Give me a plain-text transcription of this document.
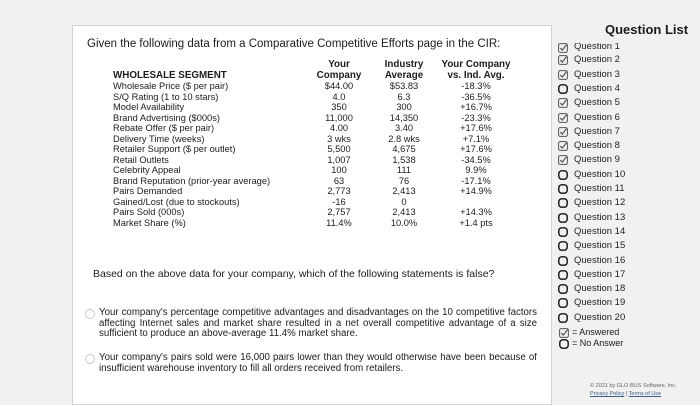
Given the following data from a Comparative Competitive Efforts page in the CIR:
	Your	Industry	Your Company
WHOLESALE SEGMENT	Company	Average	vs. Ind. Avg.
Wholesale Price ($ per pair)	$44.00	$53.83	-18.3%
S/Q Rating (1 to 10 stars)	4.0	6.3	-36.5%
Model Availability	350	300	+16.7%
Brand Advertising ($000s)	11,000	14,350	-23.3%
Rebate Offer ($ per pair)	4.00	3.40	+17.6%
Delivery Time (weeks)	3 wks	2.8 wks	+7.1%
Retailer Support ($ per outlet)	5,500	4,675	+17.6%
Retail Outlets	1,007	1,538	-34.5%
Celebrity Appeal	100	111	9.9%
Brand Reputation (prior-year average)	63	76	-17.1%
Pairs Demanded	2,773	2,413	+14.9%
Gained/Lost (due to stockouts)	-16	0	
Pairs Sold (000s)	2,757	2,413	+14.3%
Market Share (%)	11.4%	10.0%	+1.4 pts
Based on the above data for your company, which of the following statements is false?
Your company's percentage competitive advantages and disadvantages on the 10 competitive factors affecting Internet sales and market share resulted in a net overall competitive advantage of a size sufficient to produce an above-average 11.4% market share.
Your company's pairs sold were 16,000 pairs lower than they would otherwise have been because of insufficient warehouse inventory to fill all orders received from retailers.
Question List
Question 1
Question 2
Question 3
Question 4
Question 5
Question 6
Question 7
Question 8
Question 9
Question 10
Question 11
Question 12
Question 13
Question 14
Question 15
Question 16
Question 17
Question 18
Question 19
Question 20
= Answered
= No Answer
© 2021 by GLO-BUS Software, Inc.
Privacy Policy | Terms of Use
